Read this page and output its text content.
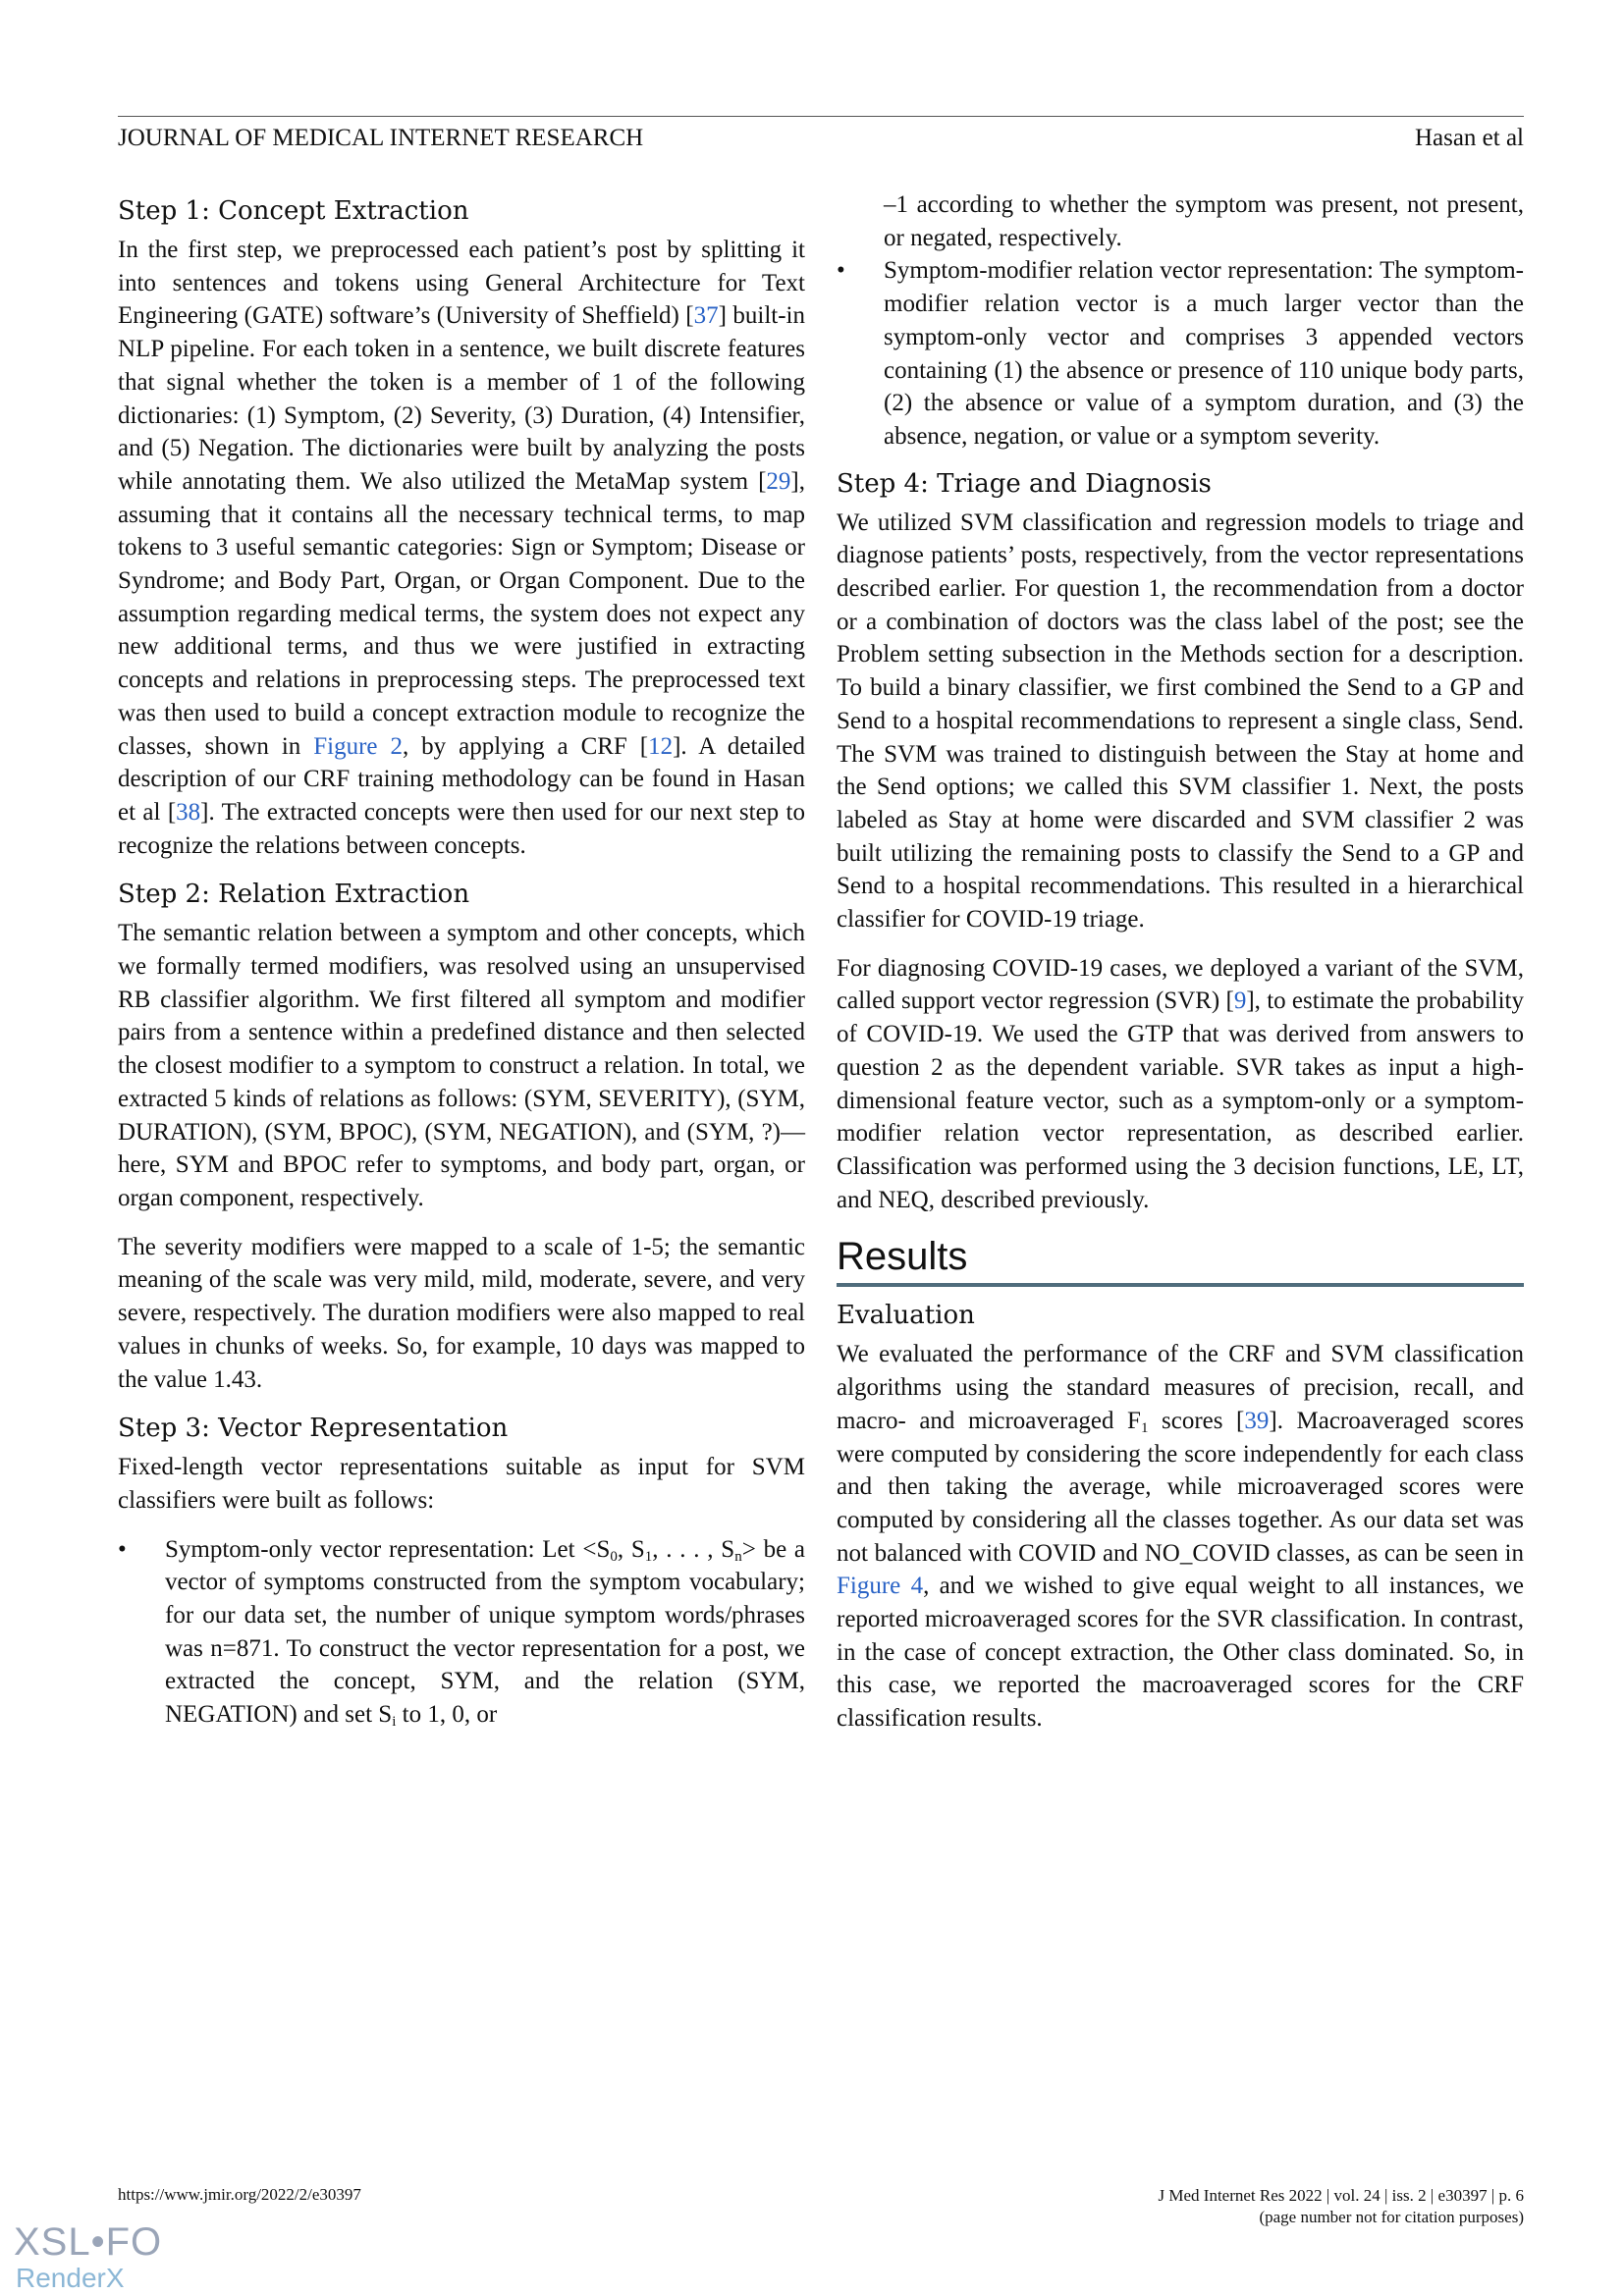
JOURNAL OF MEDICAL INTERNET RESEARCH	Hasan et al
Step 1: Concept Extraction

In the first step, we preprocessed each patient’s post by splitting it into sentences and tokens using General Architecture for Text Engineering (GATE) software’s (University of Sheffield) [37] built-in NLP pipeline. For each token in a sentence, we built discrete features that signal whether the token is a member of 1 of the following dictionaries: (1) Symptom, (2) Severity, (3) Duration, (4) Intensifier, and (5) Negation. The dictionaries were built by analyzing the posts while annotating them. We also utilized the MetaMap system [29], assuming that it contains all the necessary technical terms, to map tokens to 3 useful semantic categories: Sign or Symptom; Disease or Syndrome; and Body Part, Organ, or Organ Component. Due to the assumption regarding medical terms, the system does not expect any new additional terms, and thus we were justified in extracting concepts and relations in preprocessing steps. The preprocessed text was then used to build a concept extraction module to recognize the classes, shown in Figure 2, by applying a CRF [12]. A detailed description of our CRF training methodology can be found in Hasan et al [38]. The extracted concepts were then used for our next step to recognize the relations between concepts.

Step 2: Relation Extraction

The semantic relation between a symptom and other concepts, which we formally termed modifiers, was resolved using an unsupervised RB classifier algorithm. We first filtered all symptom and modifier pairs from a sentence within a predefined distance and then selected the closest modifier to a symptom to construct a relation. In total, we extracted 5 kinds of relations as follows: (SYM, SEVERITY), (SYM, DURATION), (SYM, BPOC), (SYM, NEGATION), and (SYM, ?)—here, SYM and BPOC refer to symptoms, and body part, organ, or organ component, respectively.

The severity modifiers were mapped to a scale of 1-5; the semantic meaning of the scale was very mild, mild, moderate, severe, and very severe, respectively. The duration modifiers were also mapped to real values in chunks of weeks. So, for example, 10 days was mapped to the value 1.43.

Step 3: Vector Representation

Fixed-length vector representations suitable as input for SVM classifiers were built as follows:

• Symptom-only vector representation: Let $<S_0$, $S_1$, . . . , $S_n>$ be a vector of symptoms constructed from the symptom vocabulary; for our data set, the number of unique symptom words/phrases was n=871. To construct the vector representation for a post, we extracted the concept, SYM, and the relation (SYM, NEGATION) and set $S_i$ to 1, 0, or
–1 according to whether the symptom was present, not present, or negated, respectively.
• Symptom-modifier relation vector representation: The symptom-modifier relation vector is a much larger vector than the symptom-only vector and comprises 3 appended vectors containing (1) the absence or presence of 110 unique body parts, (2) the absence or value of a symptom duration, and (3) the absence, negation, or value or a symptom severity.
Step 4: Triage and Diagnosis

We utilized SVM classification and regression models to triage and diagnose patients’ posts, respectively, from the vector representations described earlier. For question 1, the recommendation from a doctor or a combination of doctors was the class label of the post; see the Problem setting subsection in the Methods section for a description. To build a binary classifier, we first combined the Send to a GP and Send to a hospital recommendations to represent a single class, Send. The SVM was trained to distinguish between the Stay at home and the Send options; we called this SVM classifier 1. Next, the posts labeled as Stay at home were discarded and SVM classifier 2 was built utilizing the remaining posts to classify the Send to a GP and Send to a hospital recommendations. This resulted in a hierarchical classifier for COVID-19 triage.

For diagnosing COVID-19 cases, we deployed a variant of the SVM, called support vector regression (SVR) [9], to estimate the probability of COVID-19. We used the GTP that was derived from answers to question 2 as the dependent variable. SVR takes as input a high-dimensional feature vector, such as a symptom-only or a symptom-modifier relation vector representation, as described earlier. Classification was performed using the 3 decision functions, LE, LT, and NEQ, described previously.

Results
Evaluation

We evaluated the performance of the CRF and SVM classification algorithms using the standard measures of precision, recall, and macro- and microaveraged $F_1$ scores [39]. Macroaveraged scores were computed by considering the score independently for each class and then taking the average, while microaveraged scores were computed by considering all the classes together. As our data set was not balanced with COVID and NO_COVID classes, as can be seen in Figure 4, and we wished to give equal weight to all instances, we reported microaveraged scores for the SVR classification. In contrast, in the case of concept extraction, the Other class dominated. So, in this case, we reported the macroaveraged scores for the CRF classification results.

https://www.jmir.org/2022/2/e30397	J Med Internet Res 2022 | vol. 24 | iss. 2 | e30397 | p. 6
(page number not for citation purposes)
XSL•FO
RenderX
